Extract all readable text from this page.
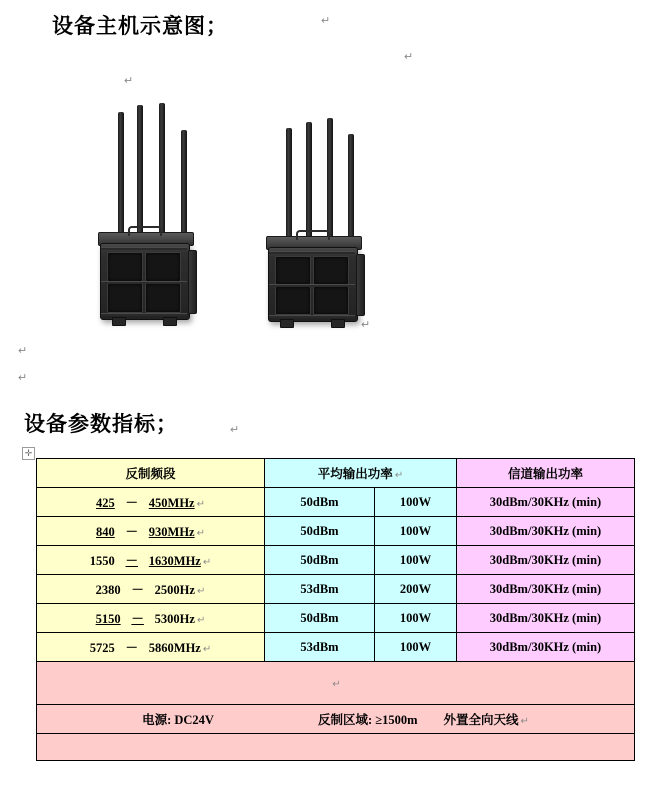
设备主机示意图；	↵
↵
↵
↵
↵
↵
设备参数指标；	↵
✛
反制频段	平均输出功率 ↵		信道输出功率
425 － 450MHz ↵	50dBm	100W	30dBm/30KHz (min)
840 － 930MHz ↵	50dBm	100W	30dBm/30KHz (min)
1550 － 1630MHz ↵	50dBm	100W	30dBm/30KHz (min)
2380 － 2500Hz ↵	53dBm	200W	30dBm/30KHz (min)
5150 － 5300Hz ↵	50dBm	100W	30dBm/30KHz (min)
5725 － 5860MHz ↵	53dBm	100W	30dBm/30KHz (min)
↵			
电源: DC24V 反制区域: ≥1500m 外置全向天线 ↵			
